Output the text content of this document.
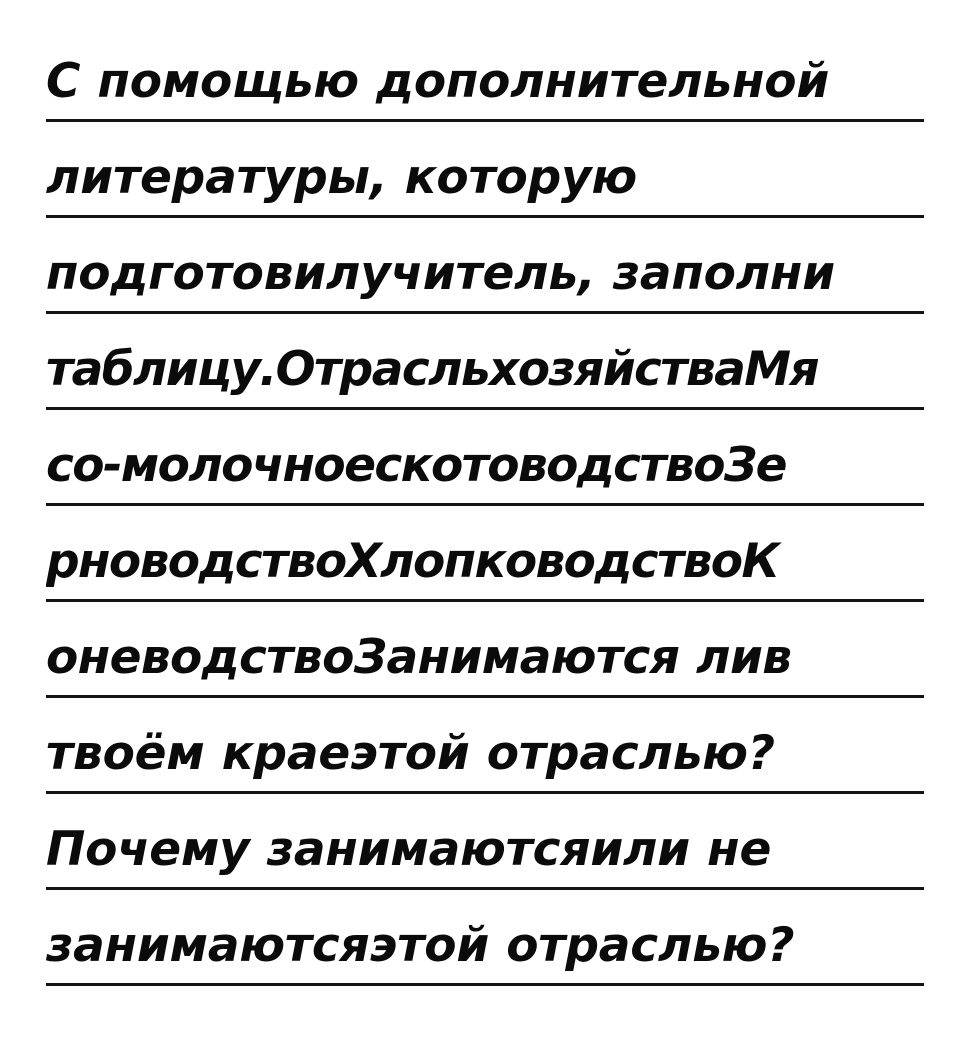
С помощью дополнительной
литературы, которую
подготовилучитель, заполни
таблицу.ОтрасльхозяйстваМя
со-молочноескотоводствоЗе
рноводствоХлопководствоК
оневодствоЗанимаются лив
твоём краеэтой отраслью?
Почему занимаютсяили не
занимаютсяэтой отраслью?
